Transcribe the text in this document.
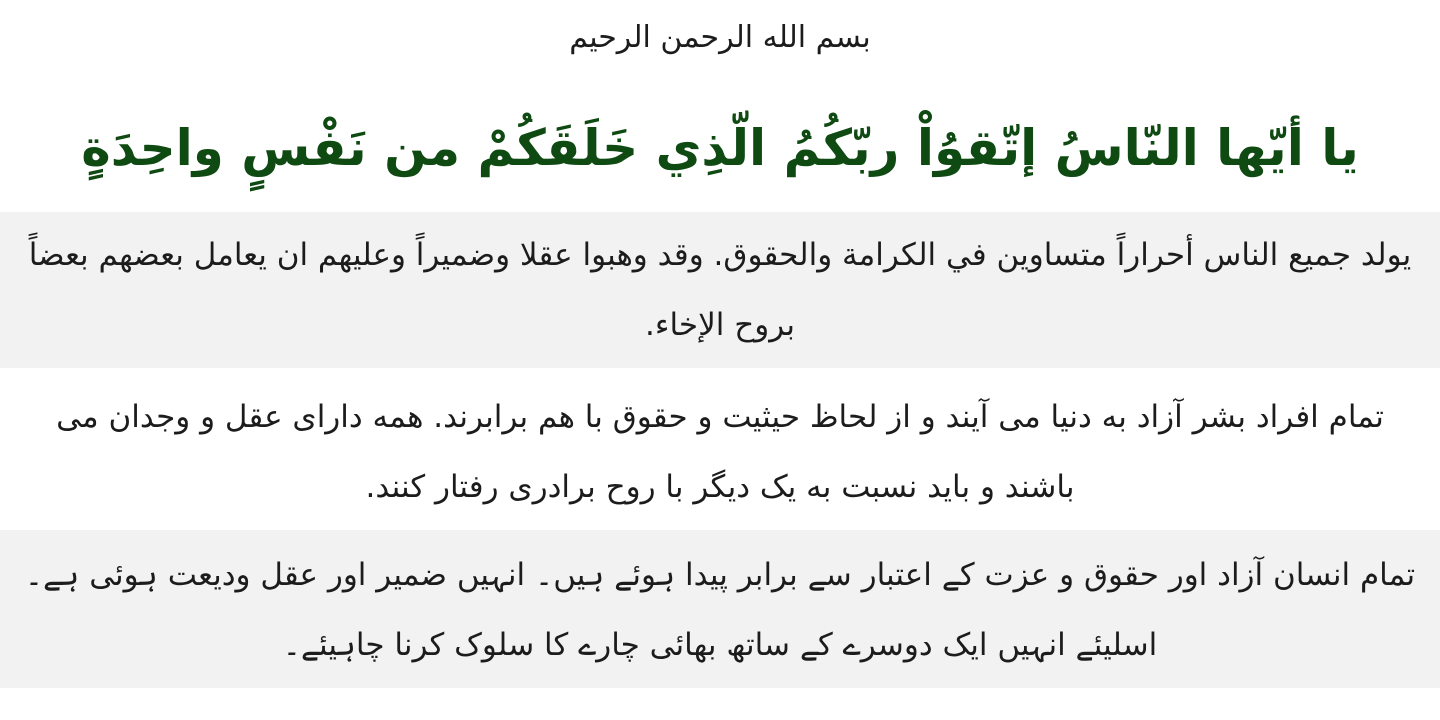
بسم الله الرحمن الرحيم
يا أيّها النّاسُ إتّقوُاْ ربّكُمُ الّذِي خَلَقَكُمْ من نَفْسٍ واحِدَةٍ
يولد جميع الناس أحراراً متساوين في الكرامة والحقوق. وقد وهبوا عقلا وضميراً وعليهم ان يعامل بعضهم بعضاً بروح الإخاء.
تمام افراد بشر آزاد به دنیا می آیند و از لحاظ حیثیت و حقوق با هم برابرند. همه دارای عقل و وجدان می باشند و باید نسبت به یک دیگر با روح برادری رفتار کنند.
تمام انسان آزاد اور حقوق و عزت کے اعتبار سے برابر پیدا ہوئے ہیں۔ انہیں ضمیر اور عقل ودیعت ہوئی ہے۔ اسلیئے انہیں ایک دوسرے کے ساتھ بھائی چارے کا سلوک کرنا چاہیئے۔
